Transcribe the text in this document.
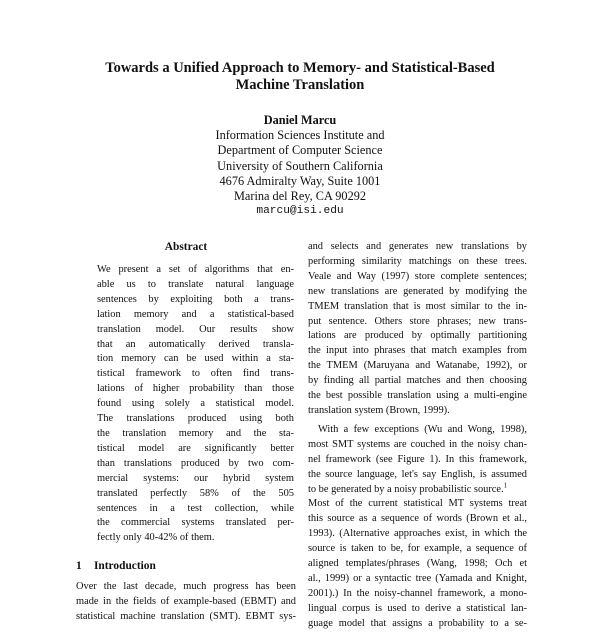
Towards a Unified Approach to Memory- and Statistical-Based
Machine Translation
Daniel Marcu
Information Sciences Institute and
Department of Computer Science
University of Southern California
4676 Admiralty Way, Suite 1001
Marina del Rey, CA 90292
marcu@isi.edu
Abstract
We present a set of algorithms that en-
able us to translate natural language
sentences by exploiting both a trans-
lation memory and a statistical-based
translation model. Our results show
that an automatically derived transla-
tion memory can be used within a sta-
tistical framework to often find trans-
lations of higher probability than those
found using solely a statistical model.
The translations produced using both
the translation memory and the sta-
tistical model are significantly better
than translations produced by two com-
mercial systems: our hybrid system
translated perfectly 58% of the 505
sentences in a test collection, while
the commercial systems translated per-
fectly only 40-42% of them.
1 Introduction
Over the last decade, much progress has been
made in the fields of example-based (EBMT) and
statistical machine translation (SMT). EBMT sys-
and selects and generates new translations by
performing similarity matchings on these trees.
Veale and Way (1997) store complete sentences;
new translations are generated by modifying the
TMEM translation that is most similar to the in-
put sentence. Others store phrases; new trans-
lations are produced by optimally partitioning
the input into phrases that match examples from
the TMEM (Maruyana and Watanabe, 1992), or
by finding all partial matches and then choosing
the best possible translation using a multi-engine
translation system (Brown, 1999).
With a few exceptions (Wu and Wong, 1998),
most SMT systems are couched in the noisy chan-
nel framework (see Figure 1). In this framework,
the source language, let's say English, is assumed
to be generated by a noisy probabilistic source.$^1$
Most of the current statistical MT systems treat
this source as a sequence of words (Brown et al.,
1993). (Alternative approaches exist, in which the
source is taken to be, for example, a sequence of
aligned templates/phrases (Wang, 1998; Och et
al., 1999) or a syntactic tree (Yamada and Knight,
2001).) In the noisy-channel framework, a mono-
lingual corpus is used to derive a statistical lan-
guage model that assigns a probability to a se-
